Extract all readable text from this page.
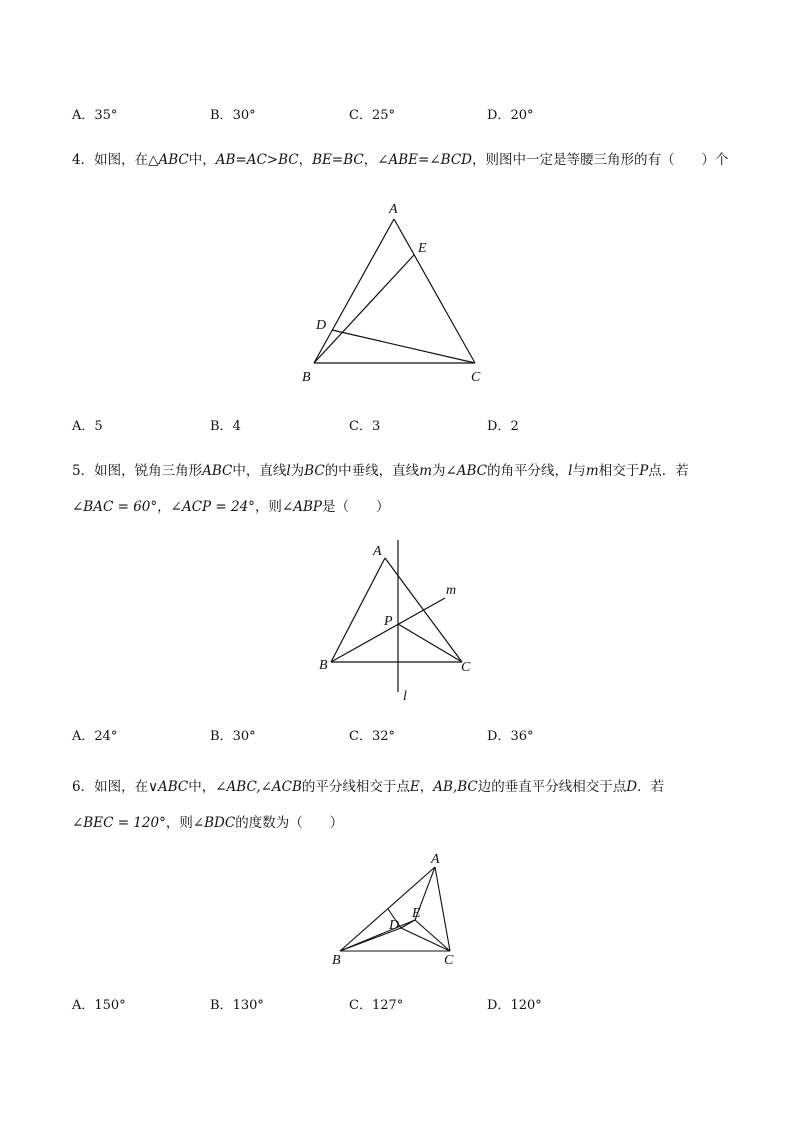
A．35°	B．30°	C．25°	D．20°
4．如图，在△ABC中，AB=AC>BC，BE=BC，∠ABE=∠BCD，则图中一定是等腰三角形的有（　　）个
A
E
D
B	C
A．5	B．4	C．3	D．2
5．如图，锐角三角形ABC中，直线l为BC的中垂线，直线m为∠ABC的角平分线，l与m相交于P点．若
∠BAC = 60°，∠ACP = 24°，则∠ABP是（　　）
A
m
P
B	C
l
A．24°	B．30°	C．32°	D．36°
6．如图，在∨ABC中，∠ABC,∠ACB的平分线相交于点E，AB,BC边的垂直平分线相交于点D．若
∠BEC = 120°，则∠BDC的度数为（　　）
A
E
D
B	C
A．150°	B．130°	C．127°	D．120°
